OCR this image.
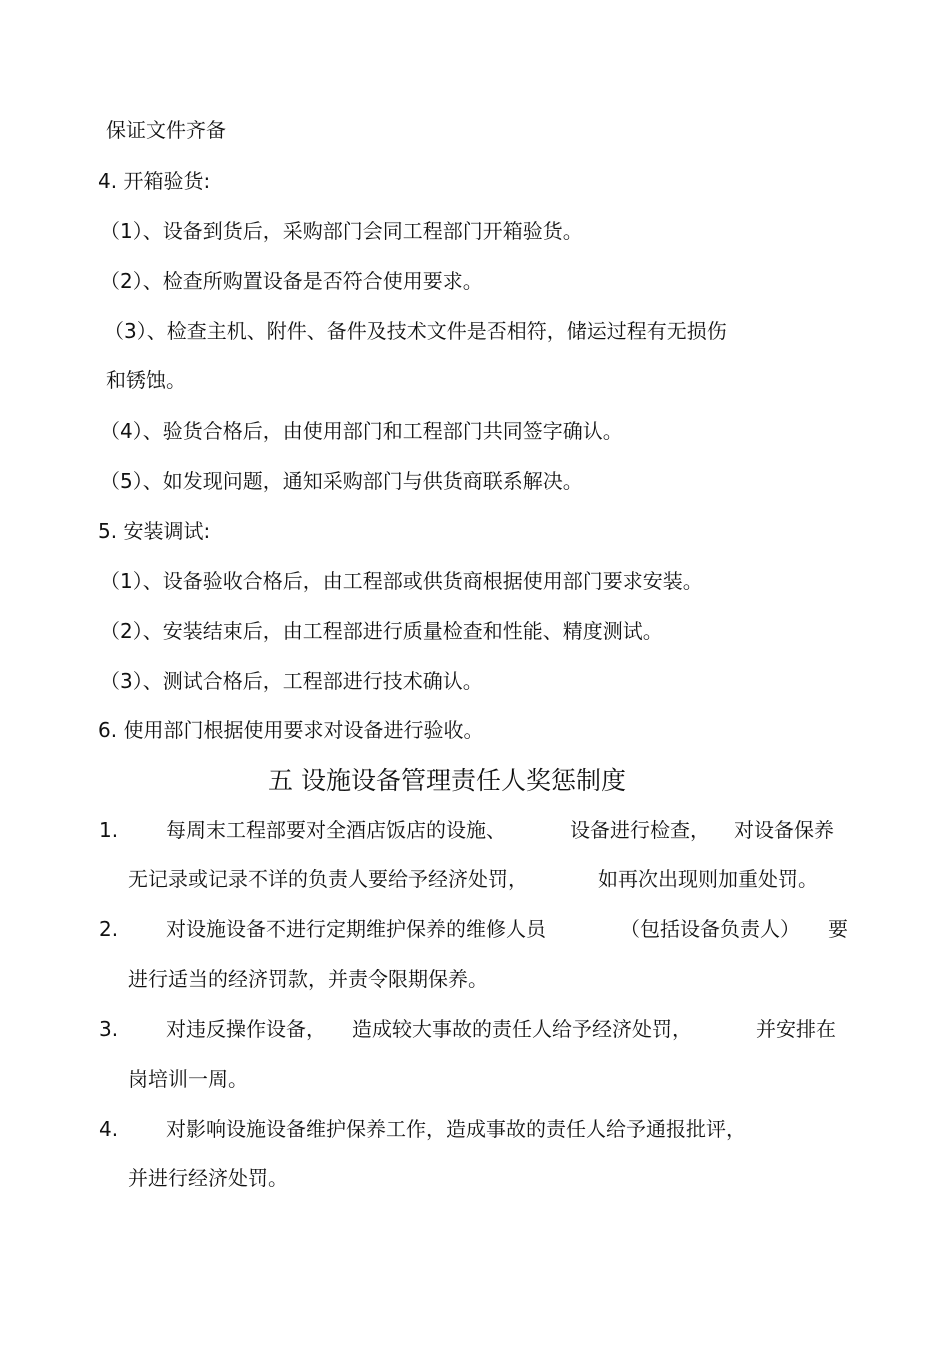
保证文件齐备
4. 开箱验货:
（1）、设备到货后，采购部门会同工程部门开箱验货。
（2）、检查所购置设备是否符合使用要求。
（3）、检查主机、附件、备件及技术文件是否相符，储运过程有无损伤
和锈蚀。
（4）、验货合格后，由使用部门和工程部门共同签字确认。
（5）、如发现问题，通知采购部门与供货商联系解决。
5. 安装调试:
（1）、设备验收合格后，由工程部或供货商根据使用部门要求安装。
（2）、安装结束后，由工程部进行质量检查和性能、精度测试。
（3）、测试合格后，工程部进行技术确认。
6. 使用部门根据使用要求对设备进行验收。
五 设施设备管理责任人奖惩制度
1. 每周末工程部要对全酒店饭店的设施、	设备进行检查， 对设备保养
无记录或记录不详的负责人要给予经济处罚，	如再次出现则加重处罚。
2. 对设施设备不进行定期维护保养的维修人员	（包括设备负责人） 要
进行适当的经济罚款，并责令限期保养。
3. 对违反操作设备， 造成较大事故的责任人给予经济处罚，	并安排在
岗培训一周。
4. 对影响设施设备维护保养工作，造成事故的责任人给予通报批评，
并进行经济处罚。
